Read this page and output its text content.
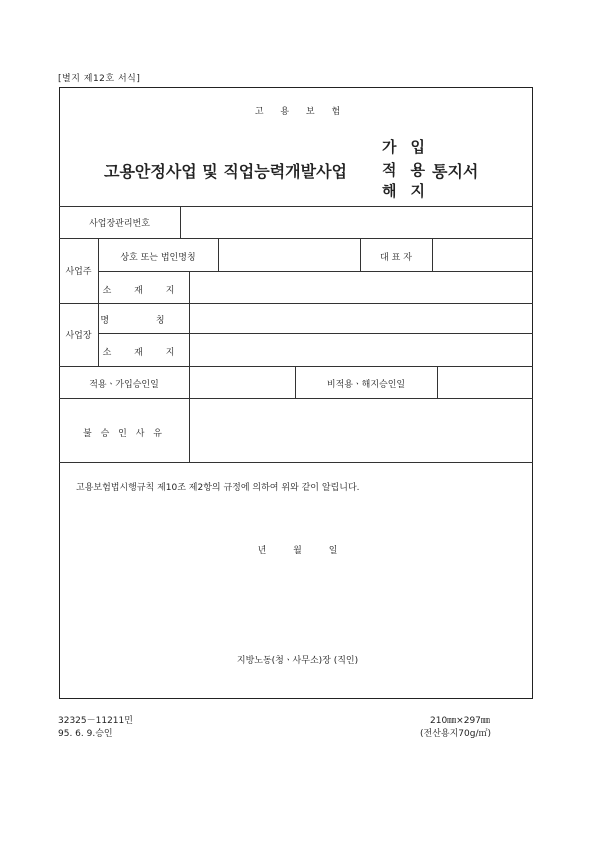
[별지 제12호 서식]
고 용 보 험
고용안정사업 및 직업능력개발사업
가입
적용
해지
통지서
사업장관리번호
사업주
상호 또는 법인명칭	대 표 자
소 재 지
사업장
명 칭
소 재 지
적용ㆍ가입승인일	비적용ㆍ해지승인일
불 승 인 사 유
고용보험법시행규칙 제10조 제2항의 규정에 의하여 위와 같이 알립니다.
년 월 일
지방노동(청ㆍ사무소)장 (직인)
32325－11211민
95. 6. 9.승인
210㎜×297㎜
(전산용지70g/㎡)
